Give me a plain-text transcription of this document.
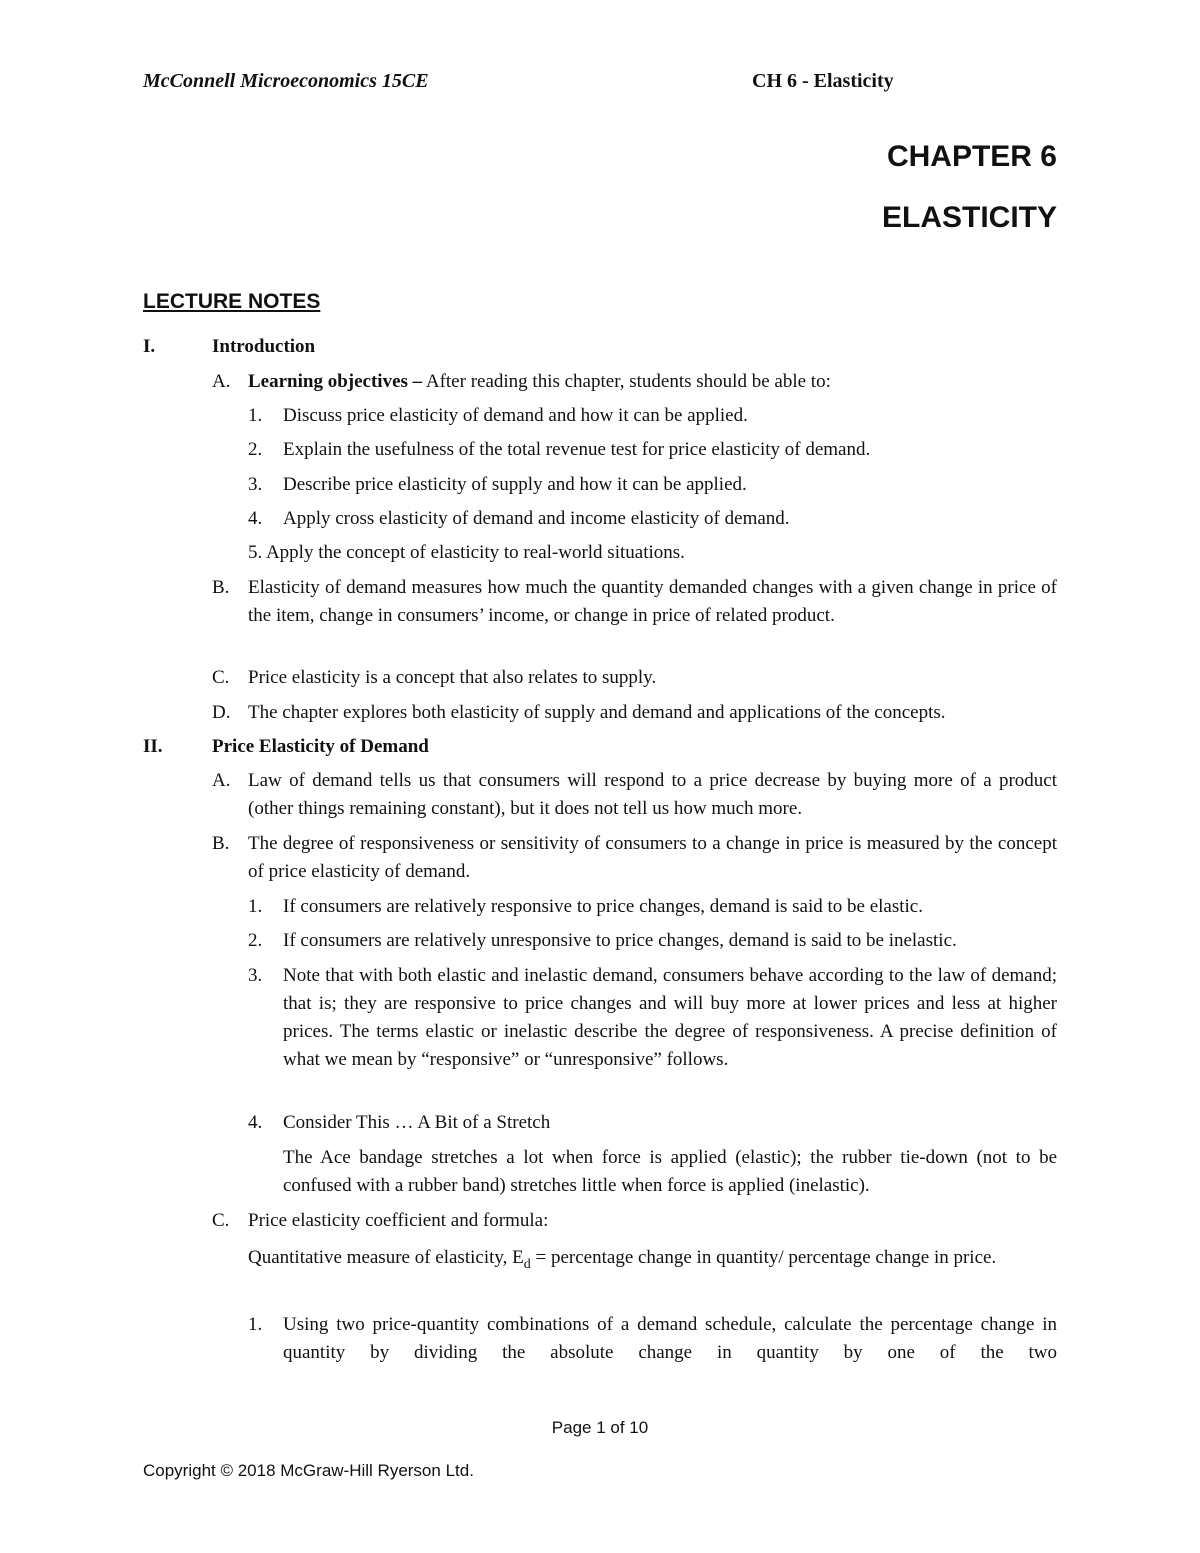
McConnell Microeconomics 15CE	CH 6 - Elasticity
CHAPTER 6
ELASTICITY
LECTURE NOTES
I.	Introduction
A. Learning objectives – After reading this chapter, students should be able to:
1. Discuss price elasticity of demand and how it can be applied.
2. Explain the usefulness of the total revenue test for price elasticity of demand.
3. Describe price elasticity of supply and how it can be applied.
4. Apply cross elasticity of demand and income elasticity of demand.
5. Apply the concept of elasticity to real-world situations.
B. Elasticity of demand measures how much the quantity demanded changes with a given change in price of the item, change in consumers’ income, or change in price of related product.
C. Price elasticity is a concept that also relates to supply.
D. The chapter explores both elasticity of supply and demand and applications of the concepts.
II.	Price Elasticity of Demand
A. Law of demand tells us that consumers will respond to a price decrease by buying more of a product (other things remaining constant), but it does not tell us how much more.
B. The degree of responsiveness or sensitivity of consumers to a change in price is measured by the concept of price elasticity of demand.
1. If consumers are relatively responsive to price changes, demand is said to be elastic.
2. If consumers are relatively unresponsive to price changes, demand is said to be inelastic.
3. Note that with both elastic and inelastic demand, consumers behave according to the law of demand; that is; they are responsive to price changes and will buy more at lower prices and less at higher prices. The terms elastic or inelastic describe the degree of responsiveness. A precise definition of what we mean by “responsive” or “unresponsive” follows.
4. Consider This … A Bit of a Stretch
The Ace bandage stretches a lot when force is applied (elastic); the rubber tie-down (not to be confused with a rubber band) stretches little when force is applied (inelastic).
C. Price elasticity coefficient and formula:
Quantitative measure of elasticity, $E_d$ = percentage change in quantity/ percentage change in price.
1. Using two price-quantity combinations of a demand schedule, calculate the percentage change in quantity by dividing the absolute change in quantity by one of the two
Page 1 of 10
Copyright © 2018 McGraw-Hill Ryerson Ltd.
